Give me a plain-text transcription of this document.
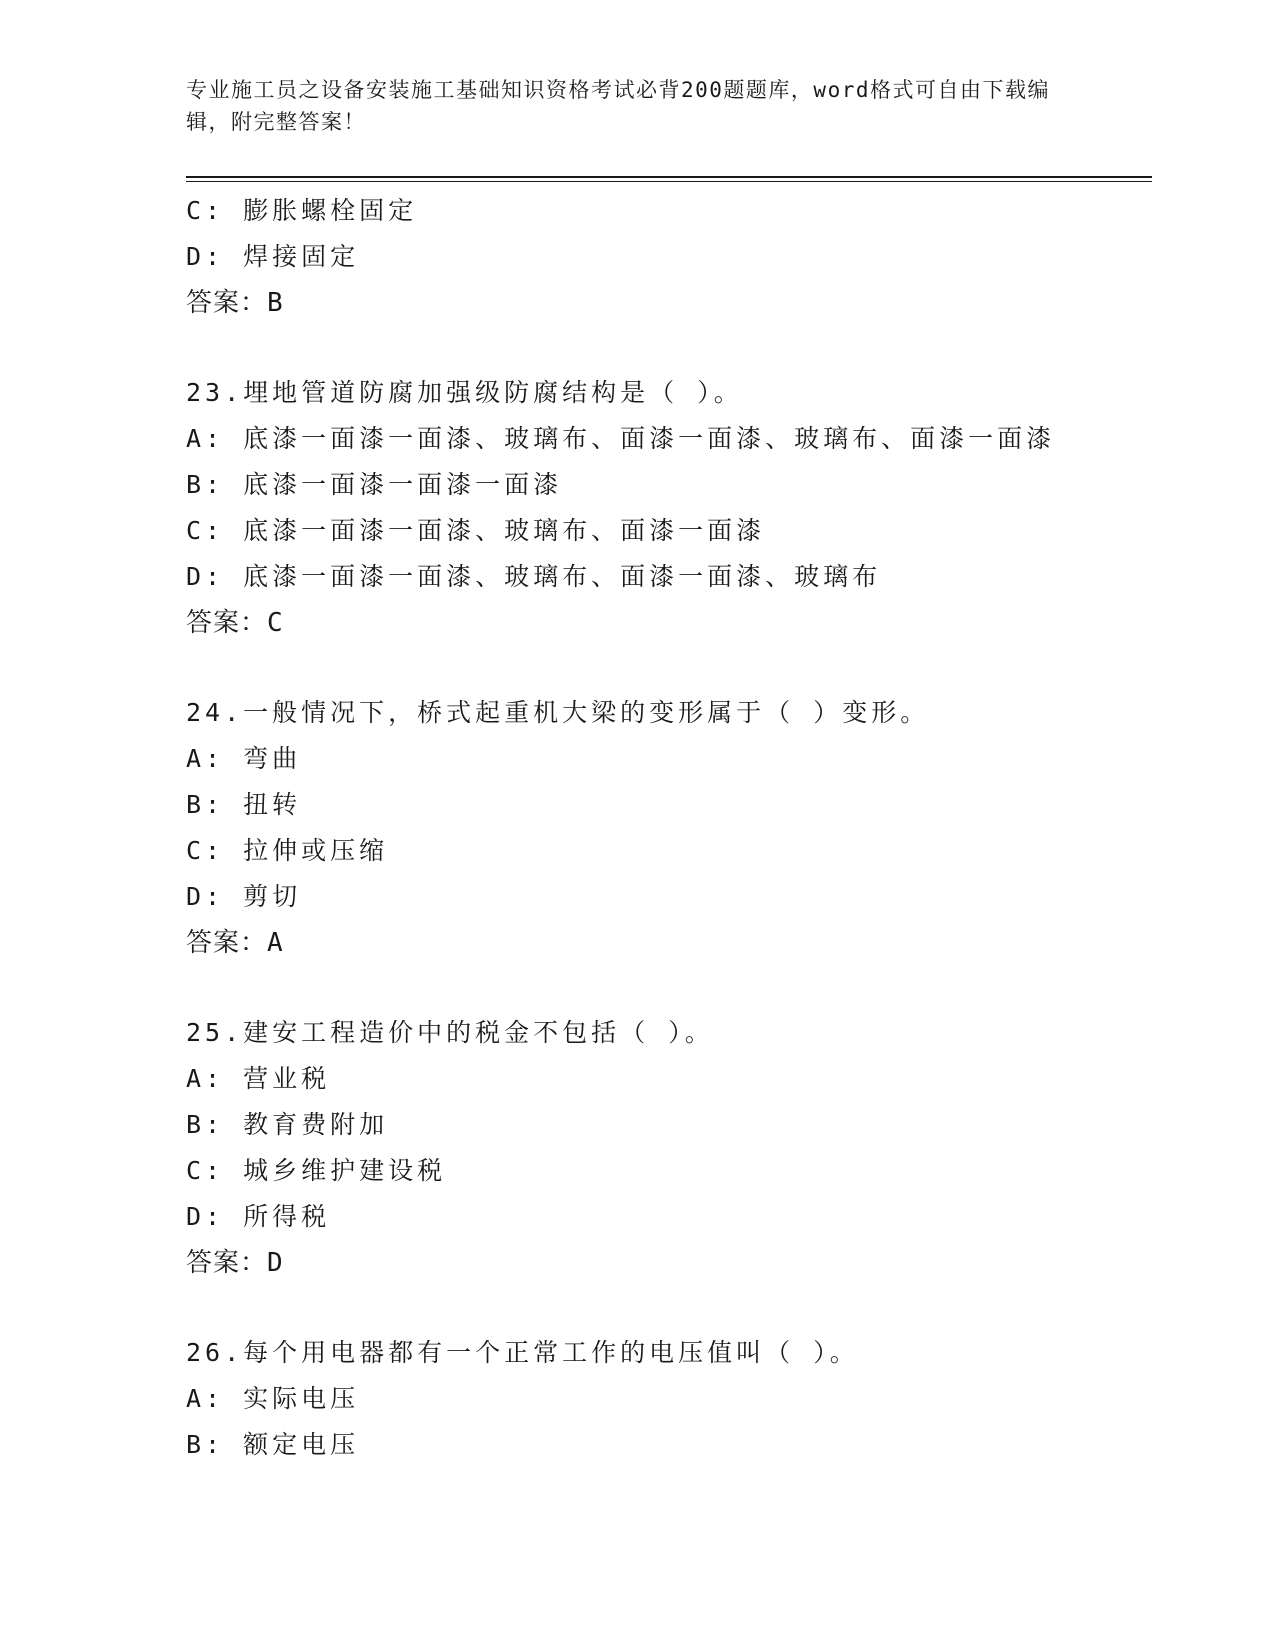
专业施工员之设备安装施工基础知识资格考试必背200题题库，word格式可自由下载编辑，附完整答案！
C: 膨胀螺栓固定
D: 焊接固定
答案：B
23.埋地管道防腐加强级防腐结构是（ ）。
A: 底漆一面漆一面漆、玻璃布、面漆一面漆、玻璃布、面漆一面漆
B: 底漆一面漆一面漆一面漆
C: 底漆一面漆一面漆、玻璃布、面漆一面漆
D: 底漆一面漆一面漆、玻璃布、面漆一面漆、玻璃布
答案：C
24.一般情况下，桥式起重机大梁的变形属于（ ）变形。
A: 弯曲
B: 扭转
C: 拉伸或压缩
D: 剪切
答案：A
25.建安工程造价中的税金不包括（ ）。
A: 营业税
B: 教育费附加
C: 城乡维护建设税
D: 所得税
答案：D
26.每个用电器都有一个正常工作的电压值叫（ ）。
A: 实际电压
B: 额定电压
